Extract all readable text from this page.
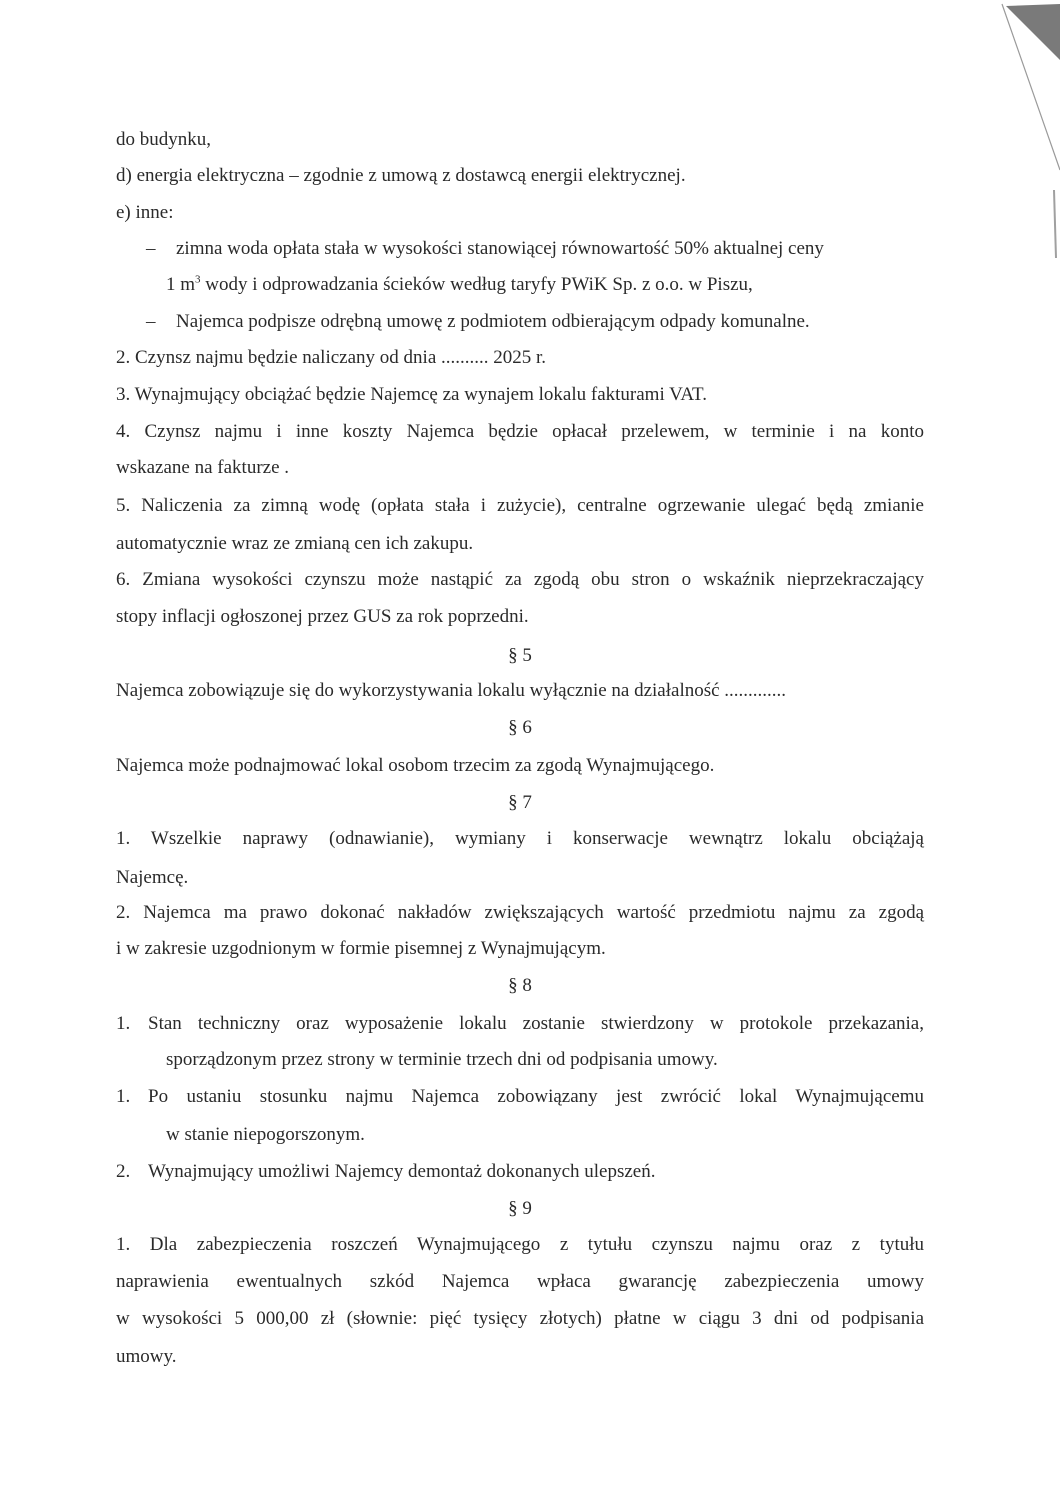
do budynku,
d) energia elektryczna – zgodnie z umową z dostawcą energii elektrycznej.
e) inne:
– zimna woda opłata stała w wysokości stanowiącej równowartość 50% aktualnej ceny
1 $m^3$ wody i odprowadzania ścieków według taryfy PWiK Sp. z o.o. w Piszu,
– Najemca podpisze odrębną umowę z podmiotem odbierającym odpady komunalne.
2. Czynsz najmu będzie naliczany od dnia .......... 2025 r.
3. Wynajmujący obciążać będzie Najemcę za wynajem lokalu fakturami VAT.
4. Czynsz najmu i inne koszty Najemca będzie opłacał przelewem, w terminie i na konto
wskazane na fakturze .
5. Naliczenia za zimną wodę (opłata stała i zużycie), centralne ogrzewanie ulegać będą zmianie
automatycznie wraz ze zmianą cen ich zakupu.
6. Zmiana wysokości czynszu może nastąpić za zgodą obu stron o wskaźnik nieprzekraczający
stopy inflacji ogłoszonej przez GUS za rok poprzedni.
§ 5
Najemca zobowiązuje się do wykorzystywania lokalu wyłącznie na działalność .............
§ 6
Najemca może podnajmować lokal osobom trzecim za zgodą Wynajmującego.
§ 7
1. Wszelkie naprawy (odnawianie), wymiany i konserwacje wewnątrz lokalu obciążają
Najemcę.
2. Najemca ma prawo dokonać nakładów zwiększających wartość przedmiotu najmu za zgodą
i w zakresie uzgodnionym w formie pisemnej z Wynajmującym.
§ 8
1. Stan techniczny oraz wyposażenie lokalu zostanie stwierdzony w protokole przekazania,
sporządzonym przez strony w terminie trzech dni od podpisania umowy.
1. Po ustaniu stosunku najmu Najemca zobowiązany jest zwrócić lokal Wynajmującemu
w stanie niepogorszonym.
2. Wynajmujący umożliwi Najemcy demontaż dokonanych ulepszeń.
§ 9
1. Dla zabezpieczenia roszczeń Wynajmującego z tytułu czynszu najmu oraz z tytułu
naprawienia ewentualnych szkód Najemca wpłaca gwarancję zabezpieczenia umowy
w wysokości 5 000,00 zł (słownie: pięć tysięcy złotych) płatne w ciągu 3 dni od podpisania
umowy.
